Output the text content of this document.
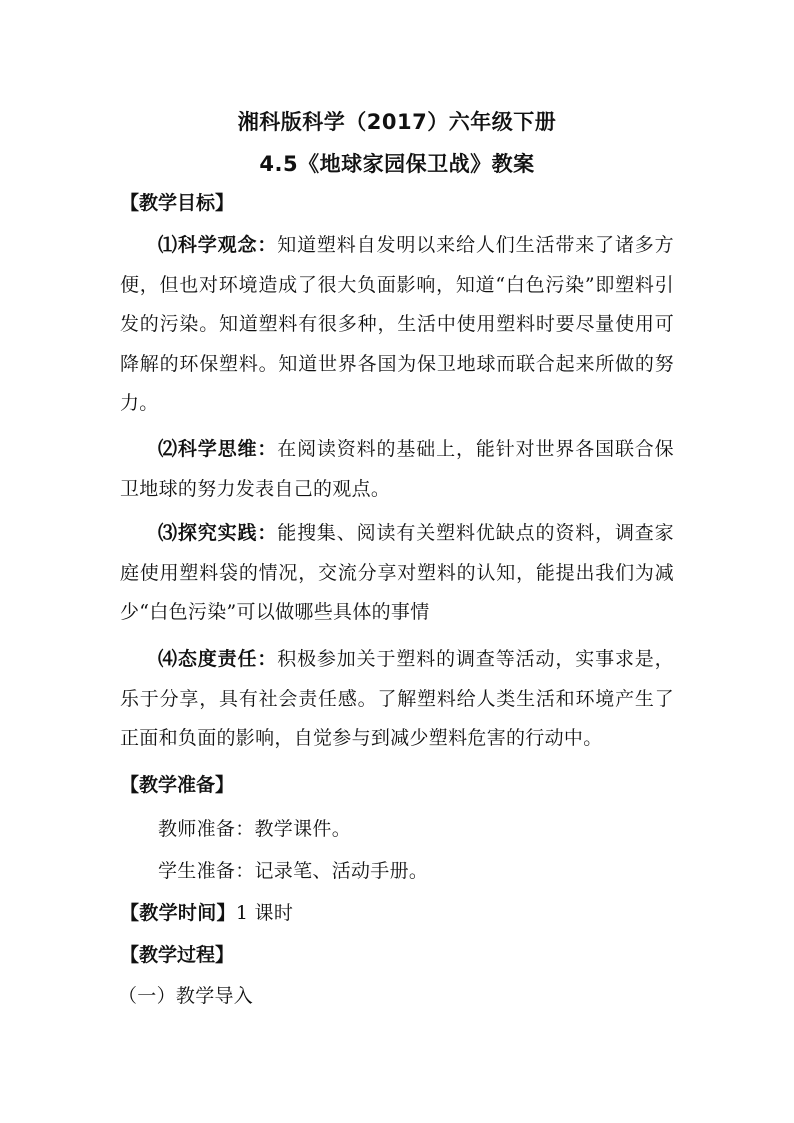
湘科版科学（2017）六年级下册
4.5《地球家园保卫战》教案
【教学目标】
⑴科学观念：知道塑料自发明以来给人们生活带来了诸多方便，但也对环境造成了很大负面影响，知道“白色污染”即塑料引发的污染。知道塑料有很多种，生活中使用塑料时要尽量使用可降解的环保塑料。知道世界各国为保卫地球而联合起来所做的努力。
⑵科学思维：在阅读资料的基础上，能针对世界各国联合保卫地球的努力发表自己的观点。
⑶探究实践：能搜集、阅读有关塑料优缺点的资料，调查家庭使用塑料袋的情况，交流分享对塑料的认知，能提出我们为减少“白色污染”可以做哪些具体的事情
⑷态度责任：积极参加关于塑料的调查等活动，实事求是，乐于分享，具有社会责任感。了解塑料给人类生活和环境产生了正面和负面的影响，自觉参与到减少塑料危害的行动中。
【教学准备】
教师准备：教学课件。
学生准备：记录笔、活动手册。
【教学时间】1 课时
【教学过程】
（一）教学导入
